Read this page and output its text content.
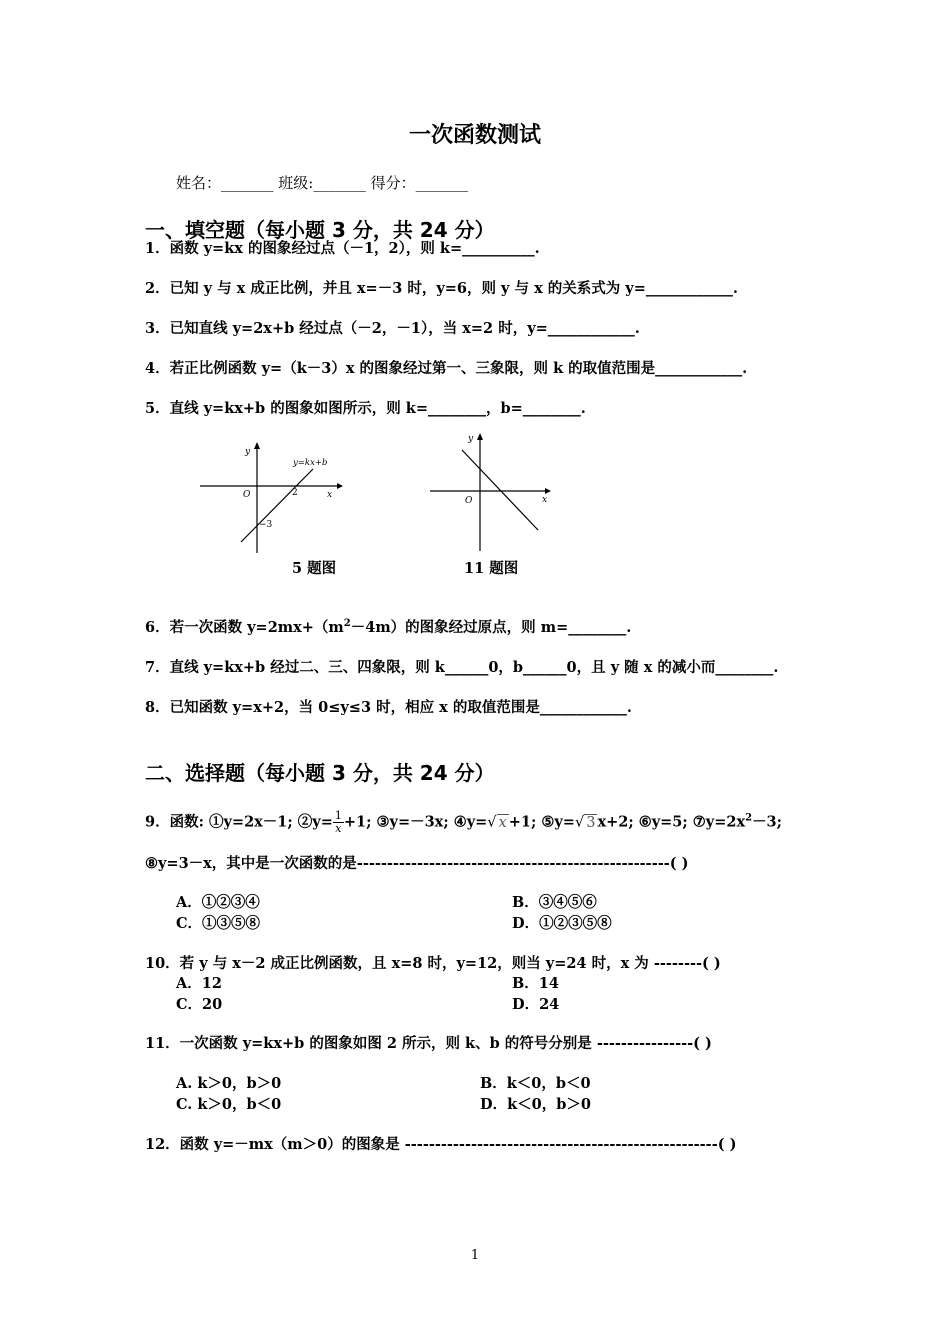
一次函数测试
姓名：_______ 班级:_______ 得分：_______
一、填空题（每小题 3 分，共 24 分）
1．函数 y=kx 的图象经过点（－1，2），则 k=__________.
2．已知 y 与 x 成正比例，并且 x=－3 时，y=6，则 y 与 x 的关系式为 y=____________.
3．已知直线 y=2x+b 经过点（－2，－1），当 x=2 时，y=____________.
4．若正比例函数 y=（k－3）x 的图象经过第一、三象限，则 k 的取值范围是____________.
5．直线 y=kx+b 的图象如图所示，则 k=________，b=________.
y
x
O
y=kx+b
2
−3
5 题图
y
x
O
11 题图
6．若一次函数 $y=2mx+(m^2-4m)$的图象经过原点，则 m=________.
7．直线 y=kx+b 经过二、三、四象限，则 k______0，b______0，且 y 随 x 的减小而________.
8．已知函数 y=x+2，当 0≤y≤3 时，相应 x 的取值范围是____________.
二、选择题（每小题 3 分，共 24 分）
9．函数: ①y=2x－1; ②y= $\frac{1}{x} +1$; ③y=－3x; ④y=√ x +1; ⑤y=√ 3 x+2; ⑥y=5; $⑦y=2x^2-3$;
⑧y=3－x，其中是一次函数的是----------------------------------------------------( )
A．①②③④	B．③④⑤⑥
C．①③⑤⑧	D．①②③⑤⑧
10．若 y 与 x－2 成正比例函数，且 x=8 时，y=12，则当 y=24 时，x 为 --------( )
A．12	B．14
C．20	D．24
11．一次函数 y=kx+b 的图象如图 2 所示，则 k、b 的符号分别是 ----------------( )
A. k＞0，b＞0	B．k＜0，b＜0
C. k＞0，b＜0	D．k＜0，b＞0
12．函数 y=－mx（m＞0）的图象是 ----------------------------------------------------( )
1
